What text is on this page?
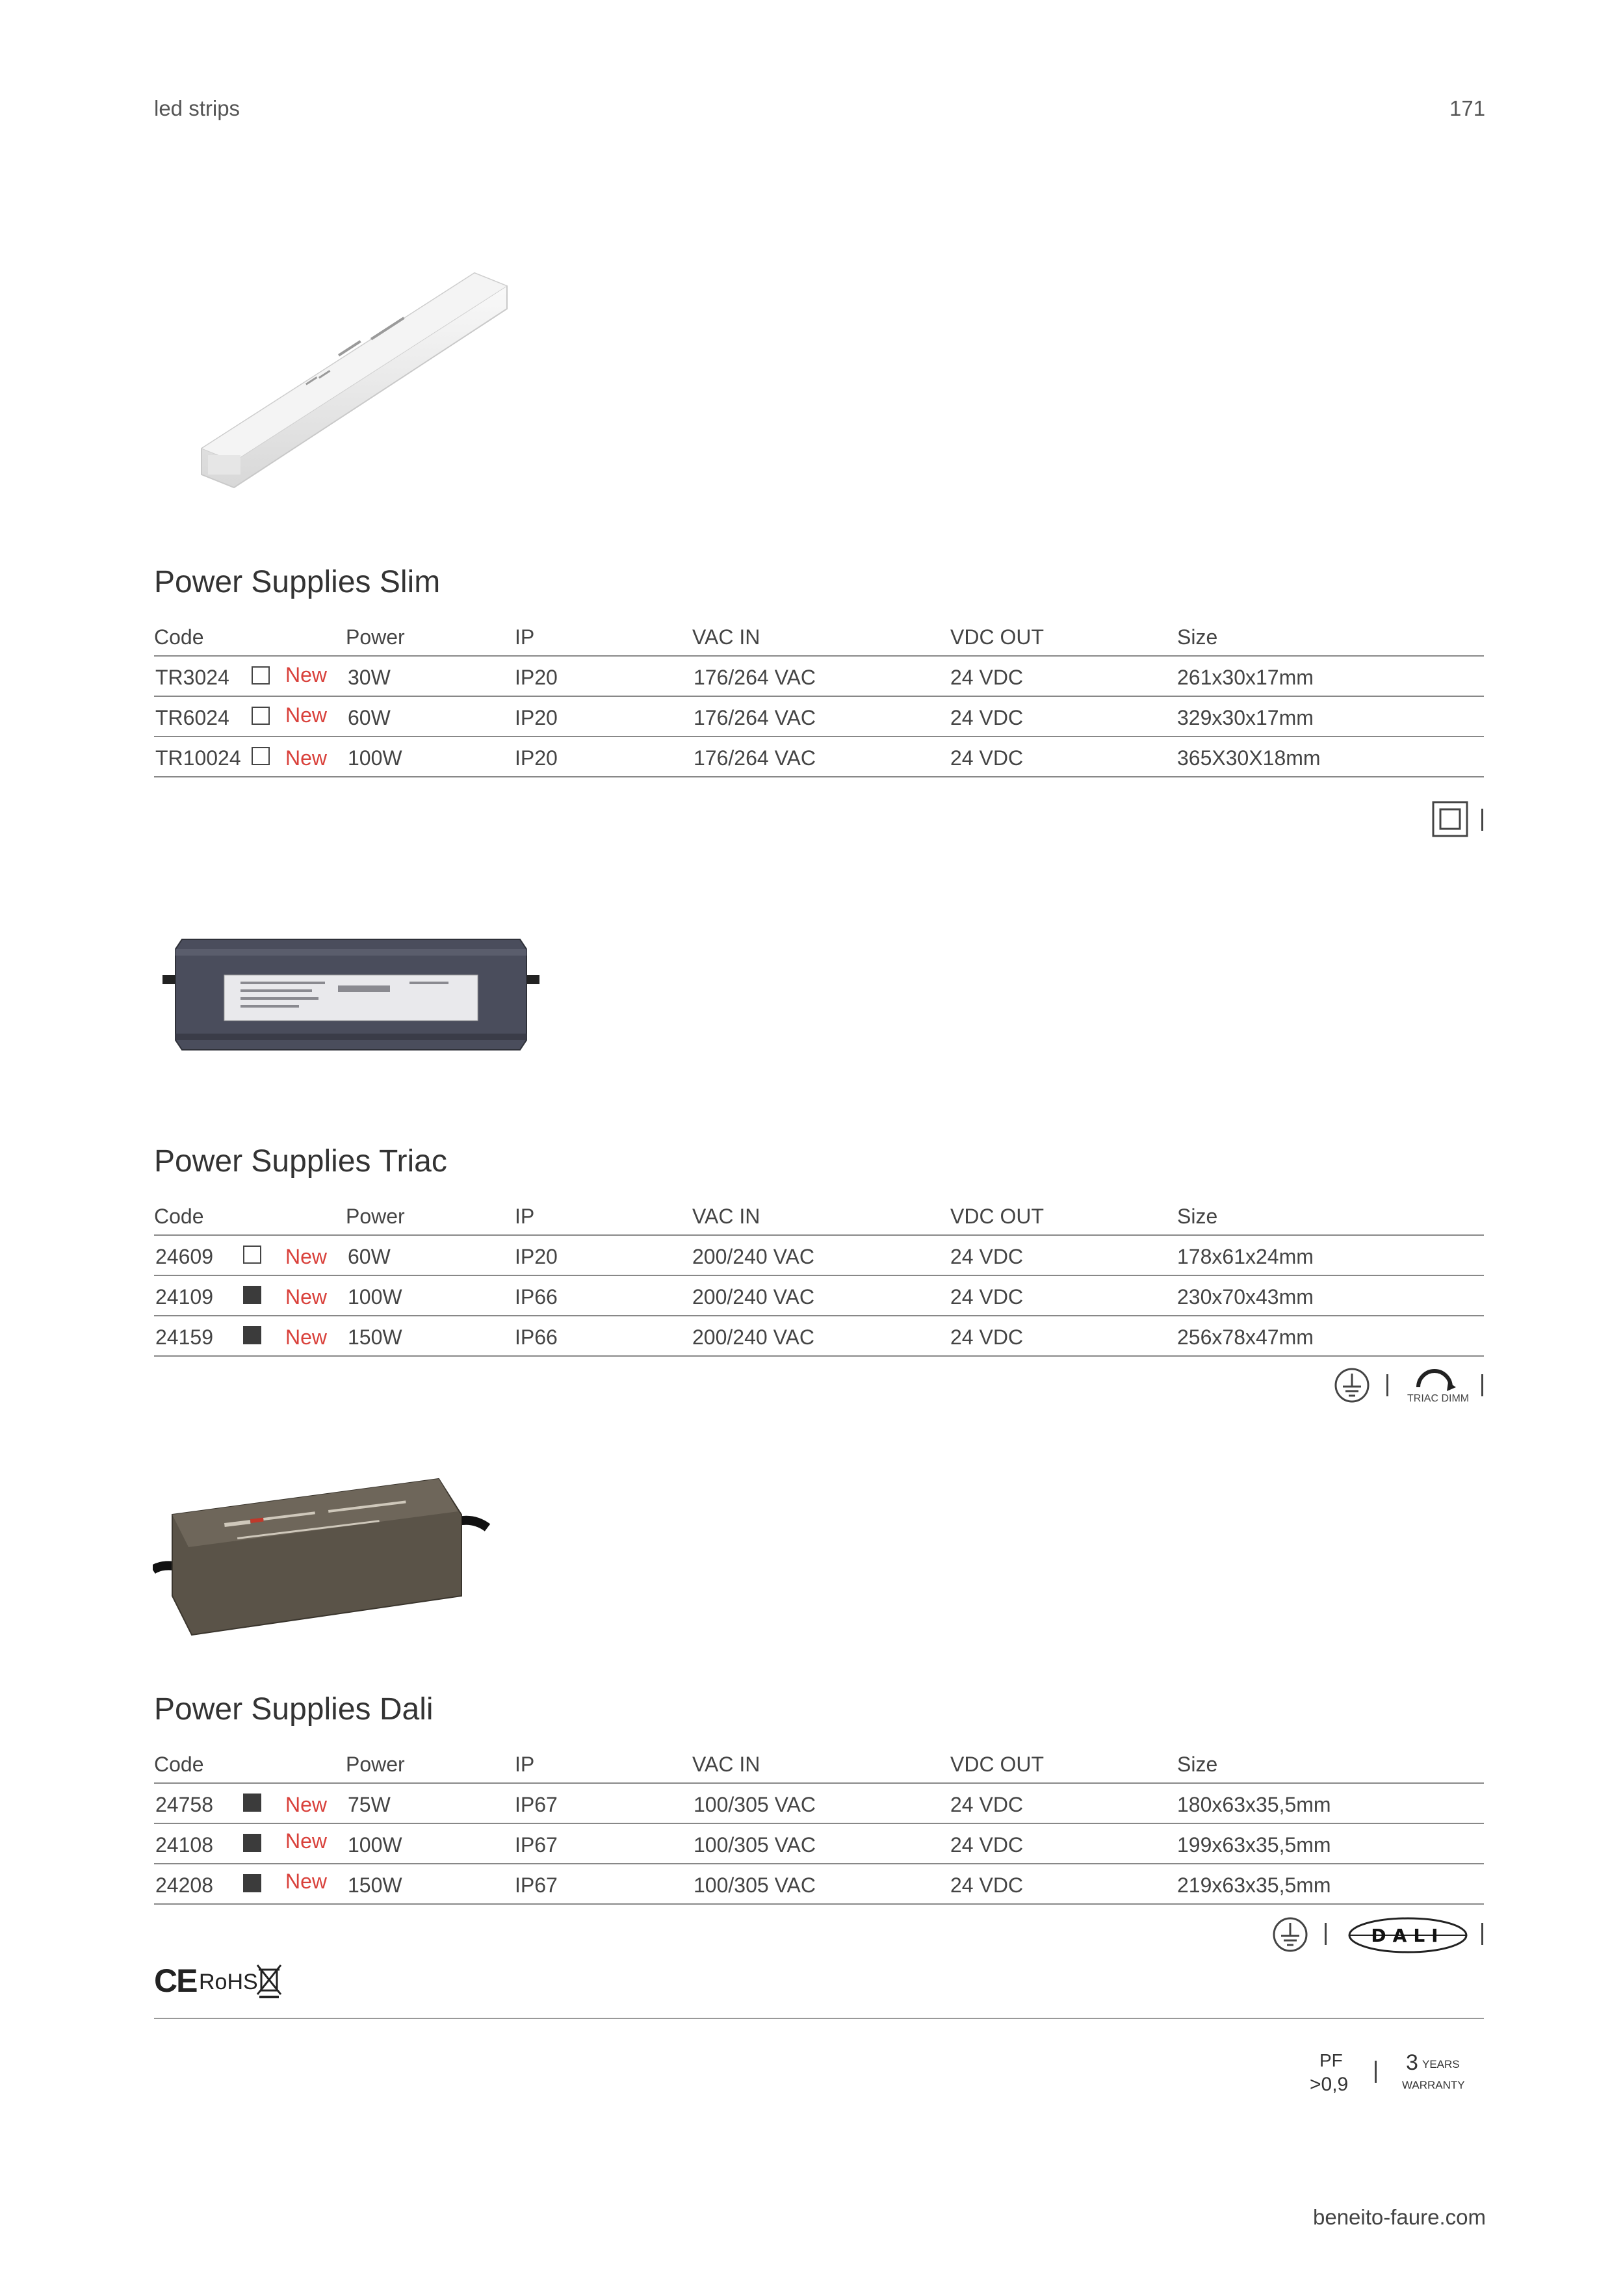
led strips	171
Power Supplies Slim
Code	Power	IP	VAC IN	VDC OUT	Size
TR3024	New 30W	IP20	176/264 VAC	24 VDC	261x30x17mm
TR6024	New 60W	IP20	176/264 VAC	24 VDC	329x30x17mm
TR10024 New 100W	IP20	176/264 VAC	24 VDC	365X30X18mm
Power Supplies Triac
Code	Power	IP	VAC IN	VDC OUT	Size
24609	New 60W	IP20	200/240 VAC	24 VDC	178x61x24mm
24109	New 100W	IP66	200/240 VAC	24 VDC	230x70x43mm
24159	New 150W	IP66	200/240 VAC	24 VDC	256x78x47mm
TRIAC DIMM
Power Supplies Dali
Code	Power	IP	VAC IN	VDC OUT	Size
24758	New 75W	IP67	100/305 VAC	24 VDC	180x63x35,5mm
24108	New 100W	IP67	100/305 VAC	24 VDC	199x63x35,5mm
24208	New 150W	IP67	100/305 VAC	24 VDC	219x63x35,5mm
DALI
CE RoHS
PF
>0,9
3 YEARS
WARRANTY
beneito-faure.com
